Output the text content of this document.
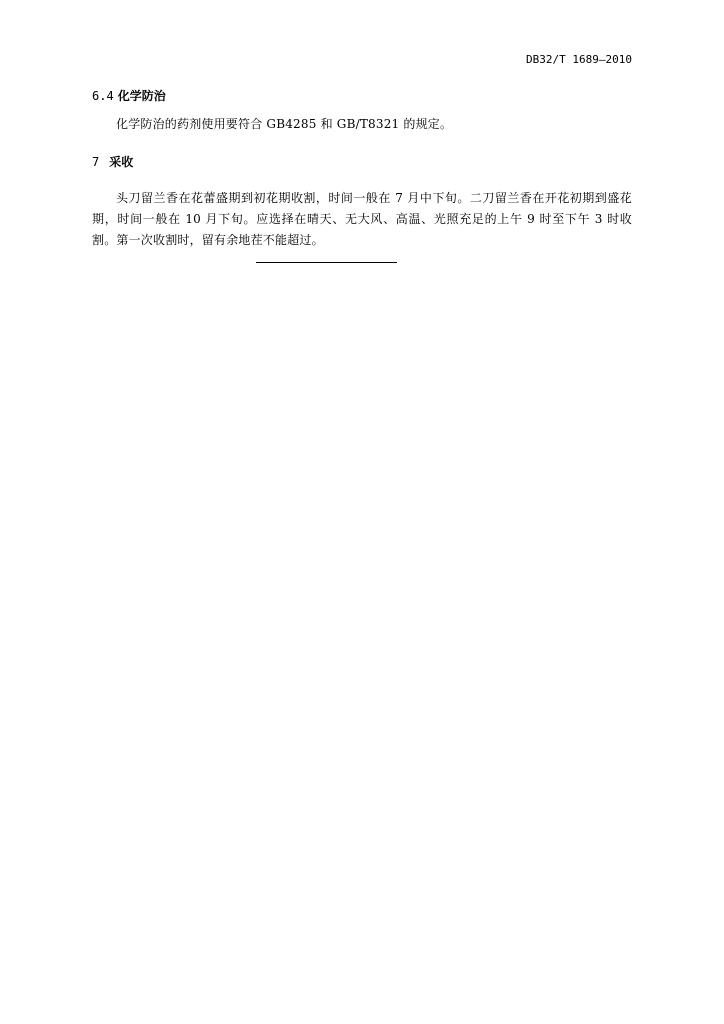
DB32/T 1689—2010
6.4 化学防治
化学防治的药剂使用要符合 GB4285 和 GB/T8321 的规定。
7 采收
头刀留兰香在花蕾盛期到初花期收割，时间一般在 7 月中下旬。二刀留兰香在开花初期到盛花期，时间一般在 10 月下旬。应选择在晴天、无大风、高温、光照充足的上午 9 时至下午 3 时收割。第一次收割时，留有余地茬不能超过。
